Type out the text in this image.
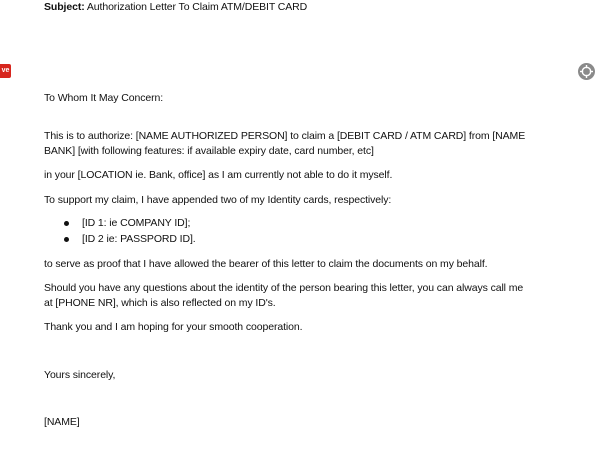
ve

Subject: Authorization Letter To Claim ATM/DEBIT CARD

To Whom It May Concern:

This is to authorize: [NAME AUTHORIZED PERSON] to claim a [DEBIT CARD / ATM CARD] from [NAME BANK] [with following features: if available expiry date, card number, etc]

in your [LOCATION ie. Bank, office] as I am currently not able to do it myself.

To support my claim, I have appended two of my Identity cards, respectively:

[ID 1: ie COMPANY ID];
[ID 2 ie: PASSPORD ID].

to serve as proof that I have allowed the bearer of this letter to claim the documents on my behalf.

Should you have any questions about the identity of the person bearing this letter, you can always call me at [PHONE NR], which is also reflected on my ID's.

Thank you and I am hoping for your smooth cooperation.

Yours sincerely,

[NAME]
